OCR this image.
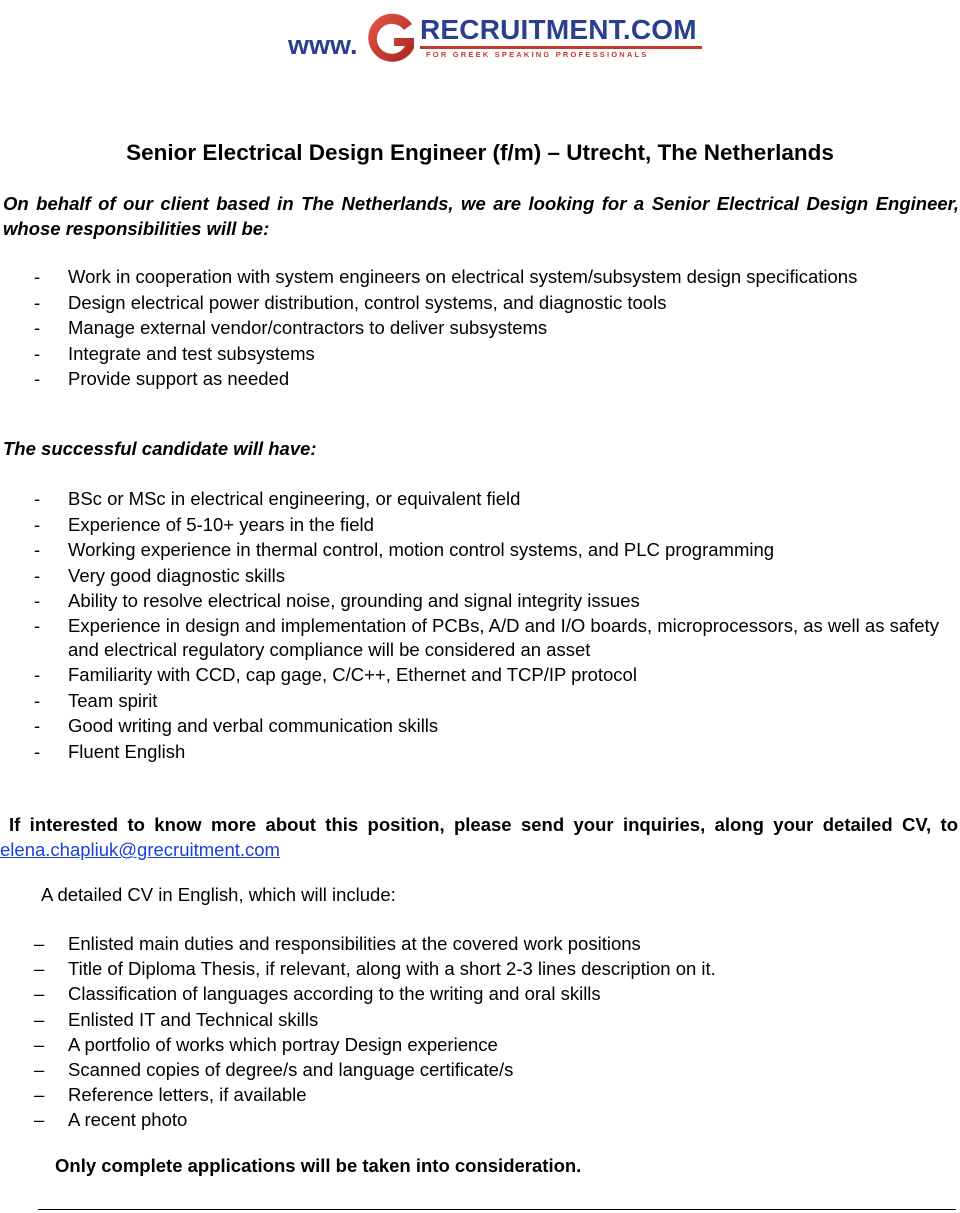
www. RECRUITMENT.COM
FOR GREEK SPEAKING PROFESSIONALS
Senior Electrical Design Engineer (f/m) – Utrecht, The Netherlands

On behalf of our client based in The Netherlands, we are looking for a Senior Electrical Design Engineer, whose responsibilities will be:

- Work in cooperation with system engineers on electrical system/subsystem design specifications
- Design electrical power distribution, control systems, and diagnostic tools
- Manage external vendor/contractors to deliver subsystems
- Integrate and test subsystems
- Provide support as needed
The successful candidate will have:
- BSc or MSc in electrical engineering, or equivalent field
- Experience of 5-10+ years in the field
- Working experience in thermal control, motion control systems, and PLC programming
- Very good diagnostic skills
- Ability to resolve electrical noise, grounding and signal integrity issues
- Experience in design and implementation of PCBs, A/D and I/O boards, microprocessors, as well as safety and electrical regulatory compliance will be considered an asset
- Familiarity with CCD, cap gage, C/C++, Ethernet and TCP/IP protocol
- Team spirit
- Good writing and verbal communication skills
- Fluent English

If interested to know more about this position, please send your inquiries, along your detailed CV, to elena.chapliuk@grecruitment.com

A detailed CV in English, which will include:

– Enlisted main duties and responsibilities at the covered work positions
– Title of Diploma Thesis, if relevant, along with a short 2-3 lines description on it.
– Classification of languages according to the writing and oral skills
– Enlisted IT and Technical skills
– A portfolio of works which portray Design experience
– Scanned copies of degree/s and language certificate/s
– Reference letters, if available
– A recent photo

Only complete applications will be taken into consideration.
